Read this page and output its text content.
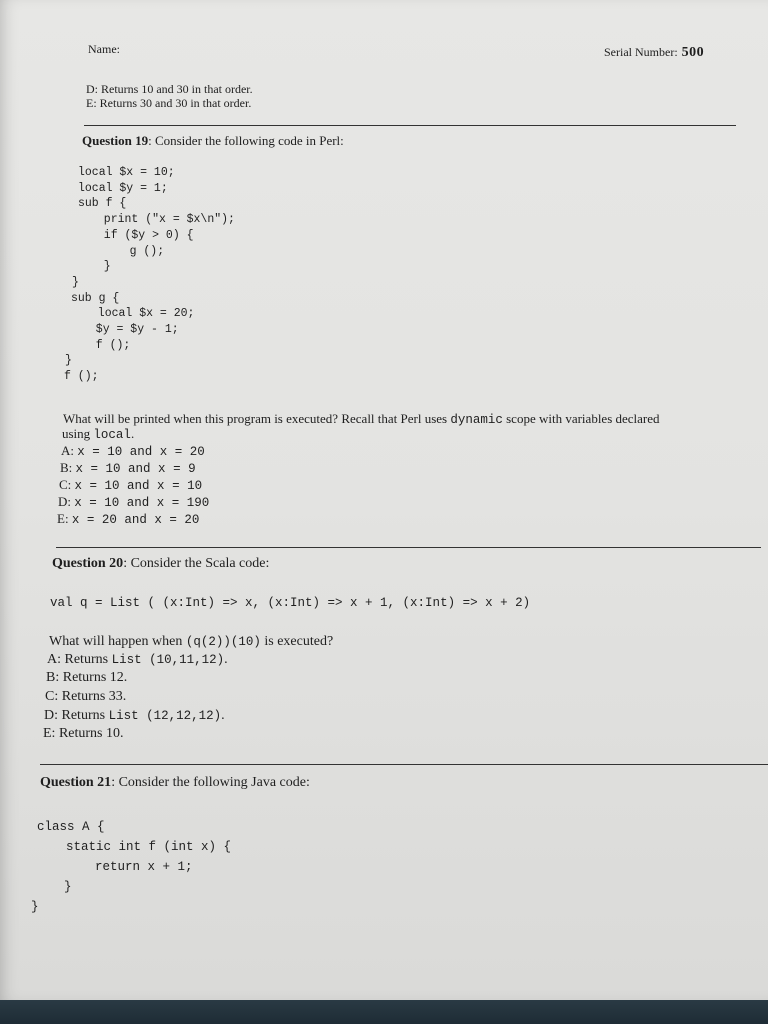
Name:	Serial Number: 500
D: Returns 10 and 30 in that order.
E: Returns 30 and 30 in that order.
Question 19: Consider the following code in Perl:
local $x = 10;
local $y = 1;
sub f {
print ("x = $x\n");
if ($y > 0) {
g ();
}
}
sub g {
local $x = 20;
$y = $y - 1;
f ();
}
f ();
What will be printed when this program is executed? Recall that Perl uses dynamic scope with variables declared
using local.
A: x = 10 and x = 20
B: x = 10 and x = 9
C: x = 10 and x = 10
D: x = 10 and x = 190
E: x = 20 and x = 20
Question 20: Consider the Scala code:
val q = List ( (x:Int) => x, (x:Int) => x + 1, (x:Int) => x + 2)
What will happen when (q(2))(10) is executed?
A: Returns List (10,11,12).
B: Returns 12.
C: Returns 33.
D: Returns List (12,12,12).
E: Returns 10.
Question 21: Consider the following Java code:
class A {
static int f (int x) {
return x + 1;
}
}
